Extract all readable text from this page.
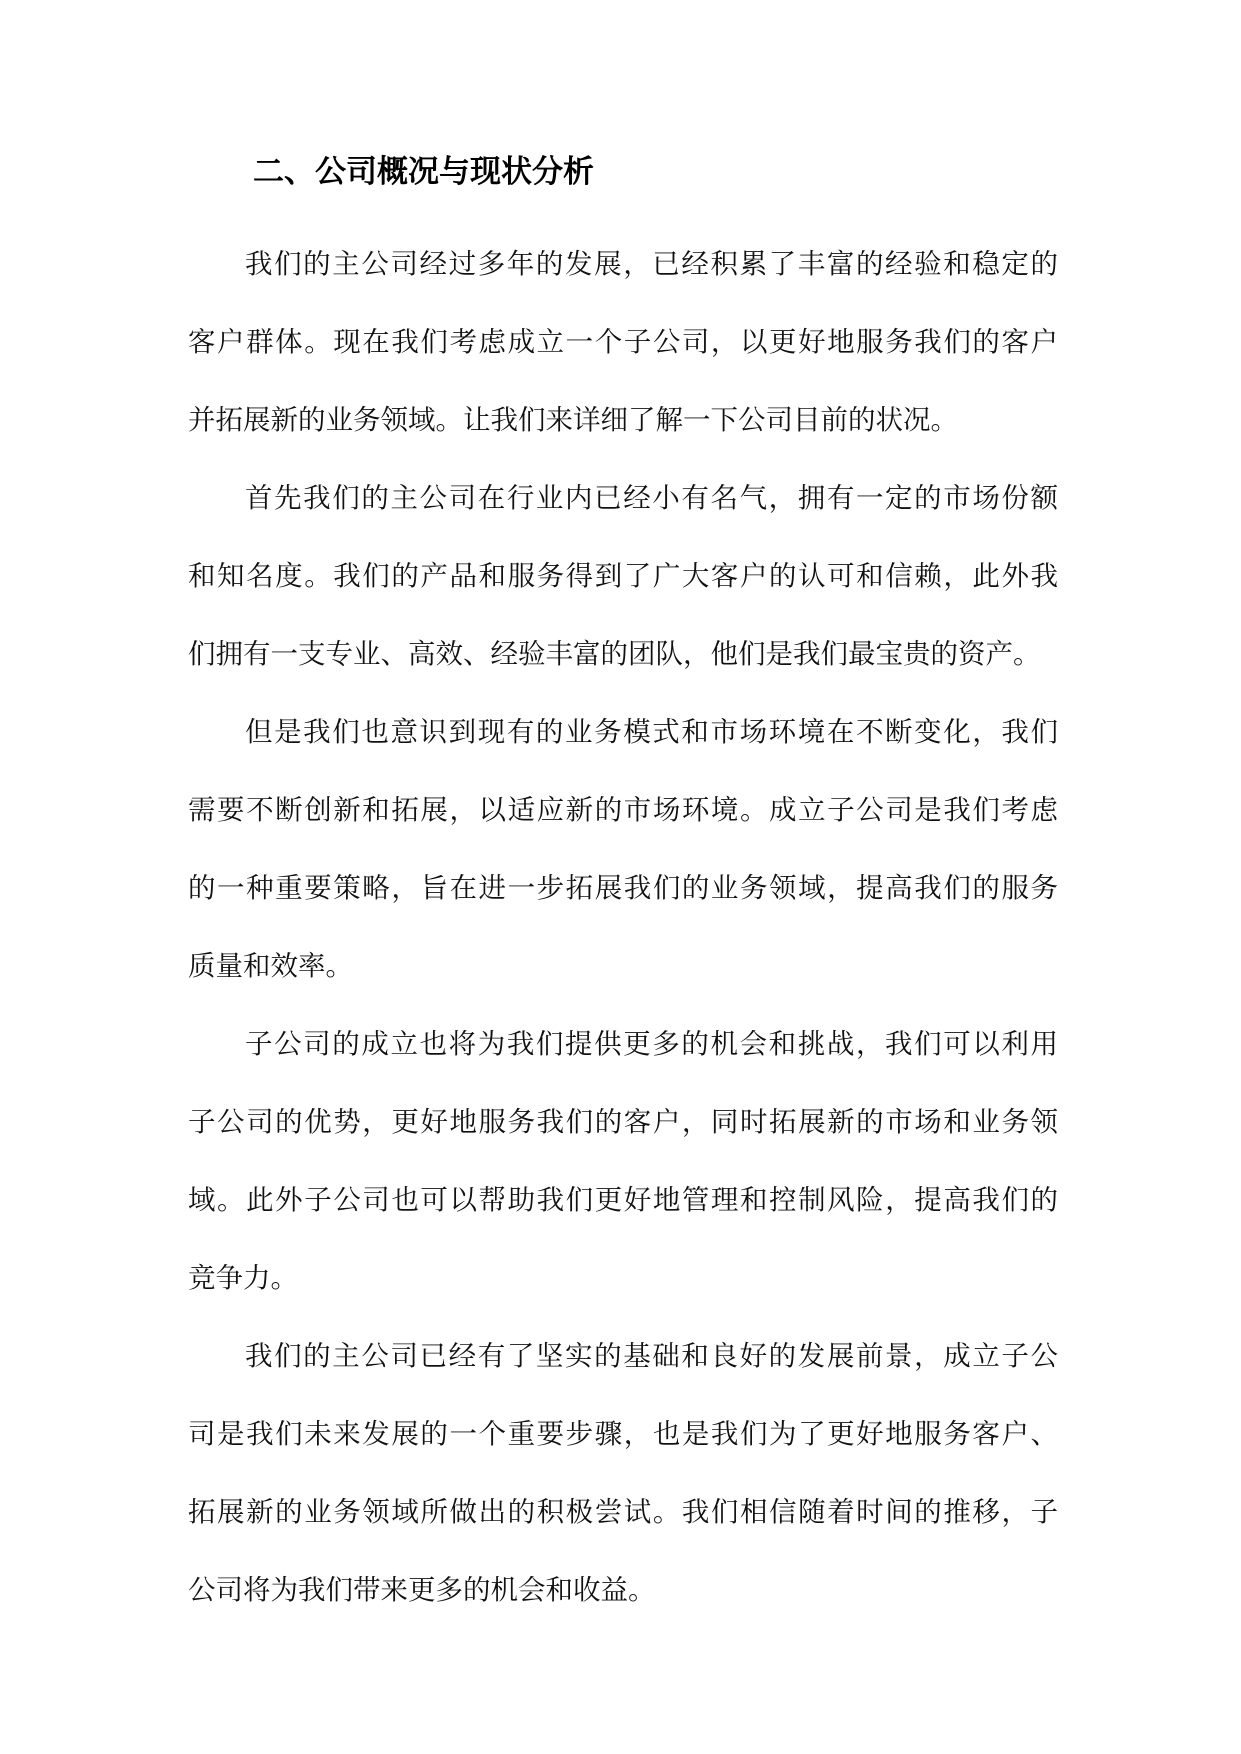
二、公司概况与现状分析

我们的主公司经过多年的发展，已经积累了丰富的经验和稳定的
客户群体。现在我们考虑成立一个子公司，以更好地服务我们的客户
并拓展新的业务领域。让我们来详细了解一下公司目前的状况。

首先我们的主公司在行业内已经小有名气，拥有一定的市场份额
和知名度。我们的产品和服务得到了广大客户的认可和信赖，此外我
们拥有一支专业、高效、经验丰富的团队，他们是我们最宝贵的资产。

但是我们也意识到现有的业务模式和市场环境在不断变化，我们
需要不断创新和拓展，以适应新的市场环境。成立子公司是我们考虑
的一种重要策略，旨在进一步拓展我们的业务领域，提高我们的服务
质量和效率。

子公司的成立也将为我们提供更多的机会和挑战，我们可以利用
子公司的优势，更好地服务我们的客户，同时拓展新的市场和业务领
域。此外子公司也可以帮助我们更好地管理和控制风险，提高我们的
竞争力。

我们的主公司已经有了坚实的基础和良好的发展前景，成立子公
司是我们未来发展的一个重要步骤，也是我们为了更好地服务客户、
拓展新的业务领域所做出的积极尝试。我们相信随着时间的推移，子
公司将为我们带来更多的机会和收益。
